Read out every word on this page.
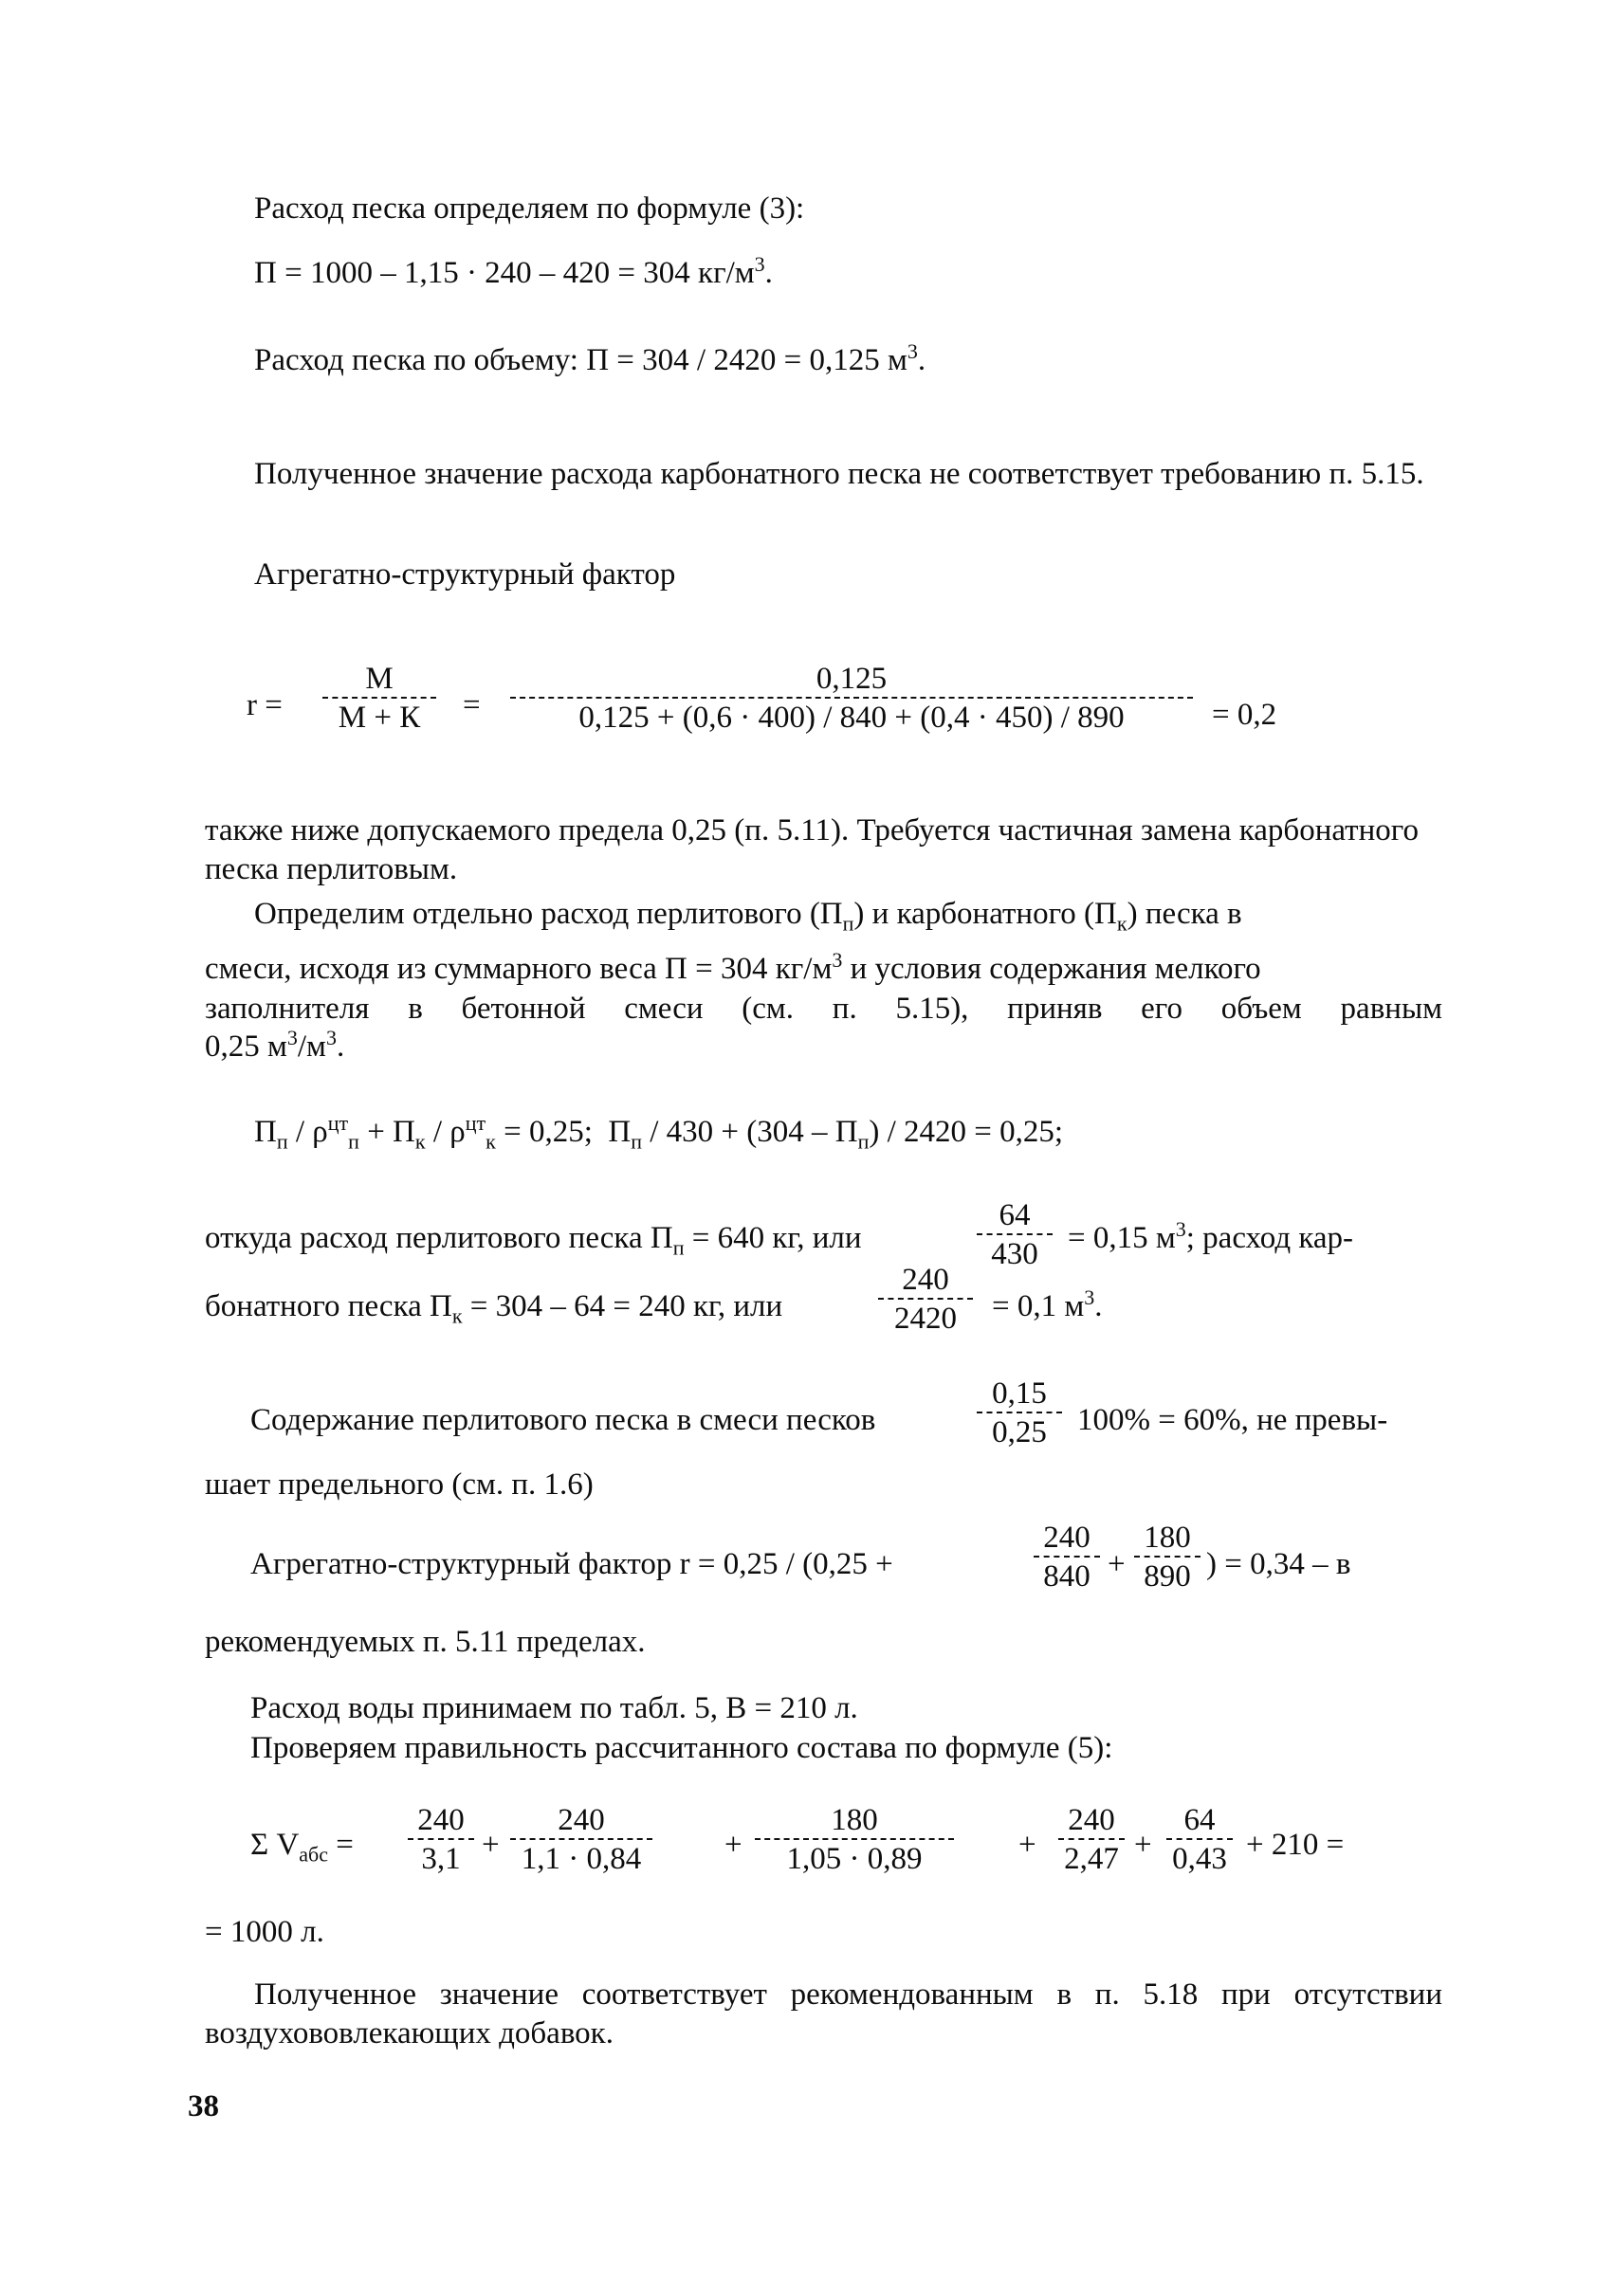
Расход песка определяем по формуле (3):
П = 1000 – 1,15 · 240 – 420 = 304 $кг/м^3$.
Расход песка по объему: П = 304 / 2420 = 0,125 $м^3$.
Полученное значение расхода карбонатного песка не соответствует требованию п. 5.15.
Агрегатно-структурный фактор
r =
М
М + К	= $\frac{0,125}{0,125 + (0,6 \cdot 400) / 840 + (0,4 \cdot 450) / 890} = 0,2$
также ниже допускаемого предела 0,25 (п. 5.11). Требуется частичная замена карбонатного песка перлитовым.
Определим отдельно расход перлитового $(П_п)$ и карбонатного $(П_к)$ песка в
смеси, исходя из суммарного веса П = 304 $кг/м^3$ и условия содержания мелкого
заполнителя в бетонной смеси (см. п. 5.15), приняв его объем равным
0,25 $м^3/м^3$.
$П_п / \rho^{цт}_п + П_к / \rho^{цт}_к = 0,25$;  $П_п / 430 + (304 - П_п) / 2420 = 0,25$;
откуда расход перлитового песка $П_п = 640$ кг, или	$\frac{64}{430} = 0,15$ $м^3$; расход кар-
бонатного песка $П_к = 304 - 64 = 240$ кг, или	$\frac{240}{2420} = 0,1$ $м^3$.
Содержание перлитового песка в смеси песков	$\frac{0,15}{0,25} 100\% = 60\%$, не превы-
шает предельного (см. п. 1.6)
Агрегатно-структурный фактор r = 0,25 / (0,25 +	$\frac{240}{840} + \frac{180}{890}$ ) = 0,34 – в
рекомендуемых п. 5.11 пределах.
Расход воды принимаем по табл. 5, В = 210 л.
Проверяем правильность рассчитанного состава по формуле (5):
Σ $V_{абс} = \frac{240}{3,1} + \frac{240}{1,1 \cdot 0,84} + \frac{180}{1,05 \cdot 0,89} + \frac{240}{2,47} + \frac{64}{0,43} + 210$ =
= 1000 л.
Полученное значение соответствует рекомендованным в п. 5.18 при отсутствии воздухововлекающих добавок.
38
